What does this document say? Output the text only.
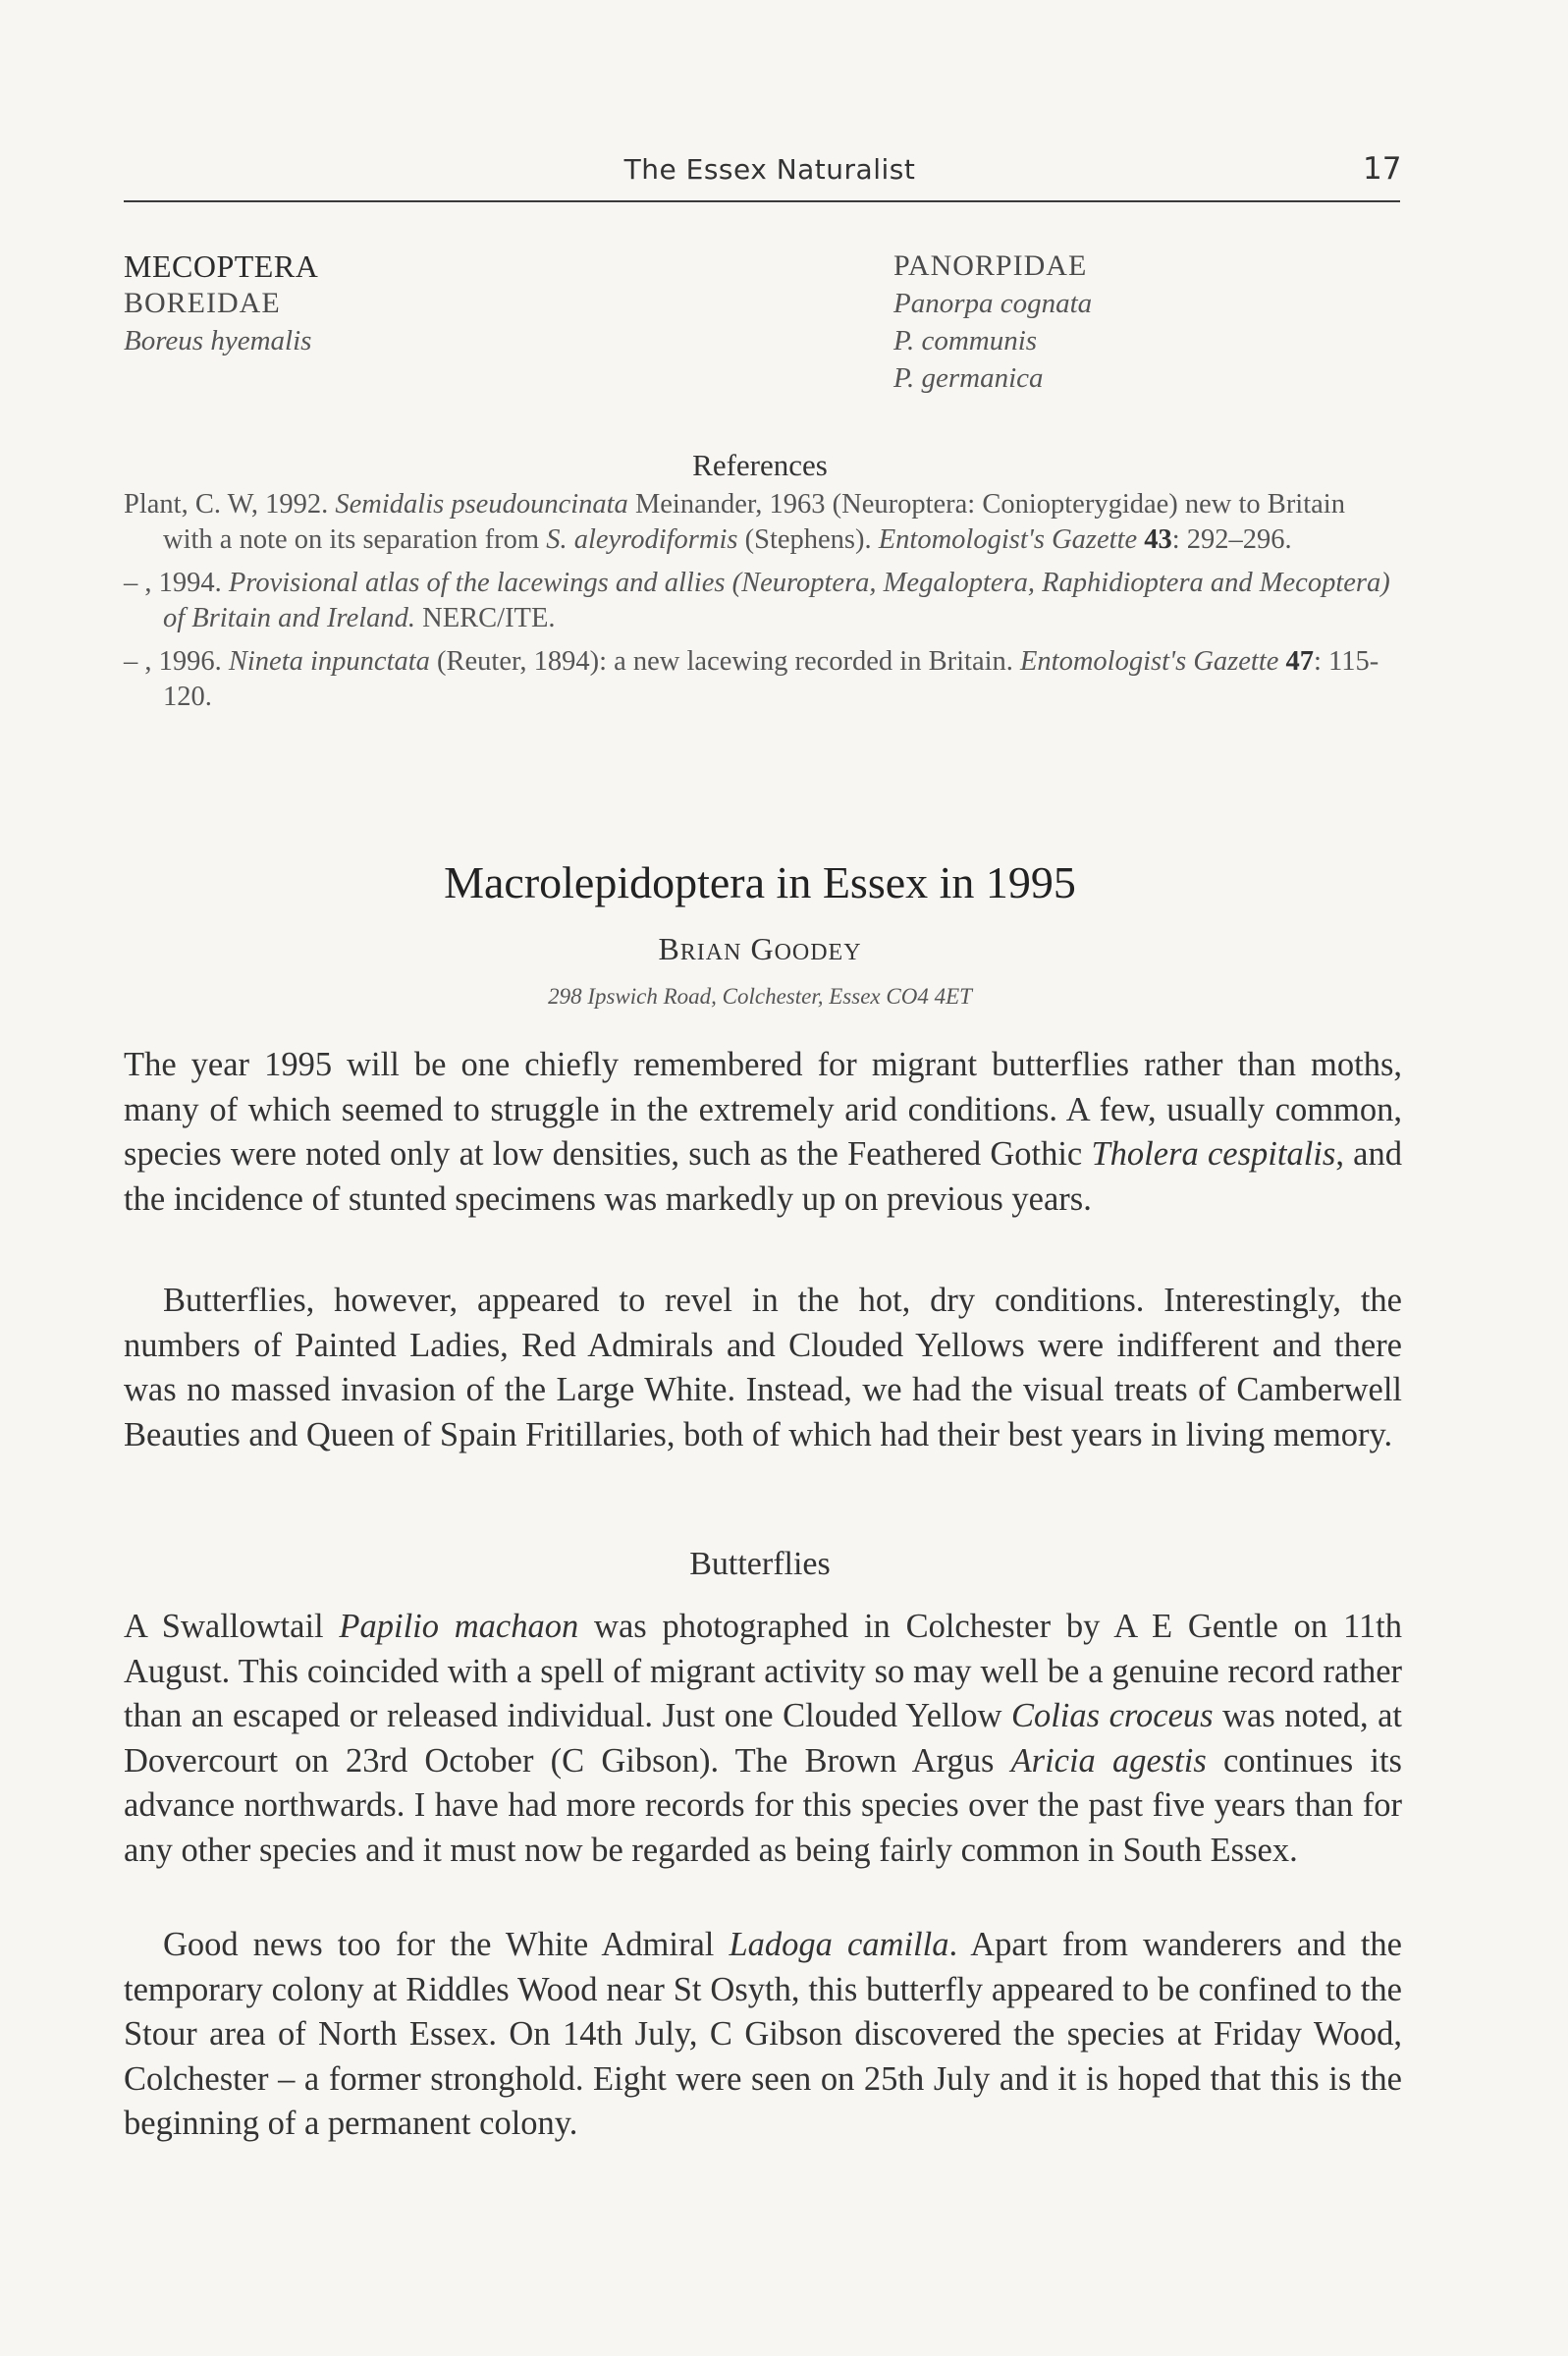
The Essex Naturalist	17
MECOPTERA
BOREIDAE
Boreus hyemalis
PANORPIDAE
Panorpa cognata
P. communis
P. germanica
References
Plant, C. W, 1992. Semidalis pseudouncinata Meinander, 1963 (Neuroptera: Coniopterygidae) new to Britain with a note on its separation from S. aleyrodiformis (Stephens). Entomologist's Gazette 43: 292–296.
– , 1994. Provisional atlas of the lacewings and allies (Neuroptera, Megaloptera, Raphidioptera and Mecoptera) of Britain and Ireland. NERC/ITE.
– , 1996. Nineta inpunctata (Reuter, 1894): a new lacewing recorded in Britain. Entomologist's Gazette 47: 115-120.
Macrolepidoptera in Essex in 1995
BRIAN GOODEY
298 Ipswich Road, Colchester, Essex CO4 4ET
The year 1995 will be one chiefly remembered for migrant butterflies rather than moths, many of which seemed to struggle in the extremely arid conditions. A few, usually common, species were noted only at low densities, such as the Feathered Gothic Tholera cespitalis, and the incidence of stunted specimens was markedly up on previous years.
Butterflies, however, appeared to revel in the hot, dry conditions. Interestingly, the numbers of Painted Ladies, Red Admirals and Clouded Yellows were indifferent and there was no massed invasion of the Large White. Instead, we had the visual treats of Camberwell Beauties and Queen of Spain Fritillaries, both of which had their best years in living memory.
Butterflies
A Swallowtail Papilio machaon was photographed in Colchester by A E Gentle on 11th August. This coincided with a spell of migrant activity so may well be a genuine record rather than an escaped or released individual. Just one Clouded Yellow Colias croceus was noted, at Dovercourt on 23rd October (C Gibson). The Brown Argus Aricia agestis continues its advance northwards. I have had more records for this species over the past five years than for any other species and it must now be regarded as being fairly common in South Essex.
Good news too for the White Admiral Ladoga camilla. Apart from wanderers and the temporary colony at Riddles Wood near St Osyth, this butterfly appeared to be confined to the Stour area of North Essex. On 14th July, C Gibson discovered the species at Friday Wood, Colchester – a former stronghold. Eight were seen on 25th July and it is hoped that this is the beginning of a permanent colony.
